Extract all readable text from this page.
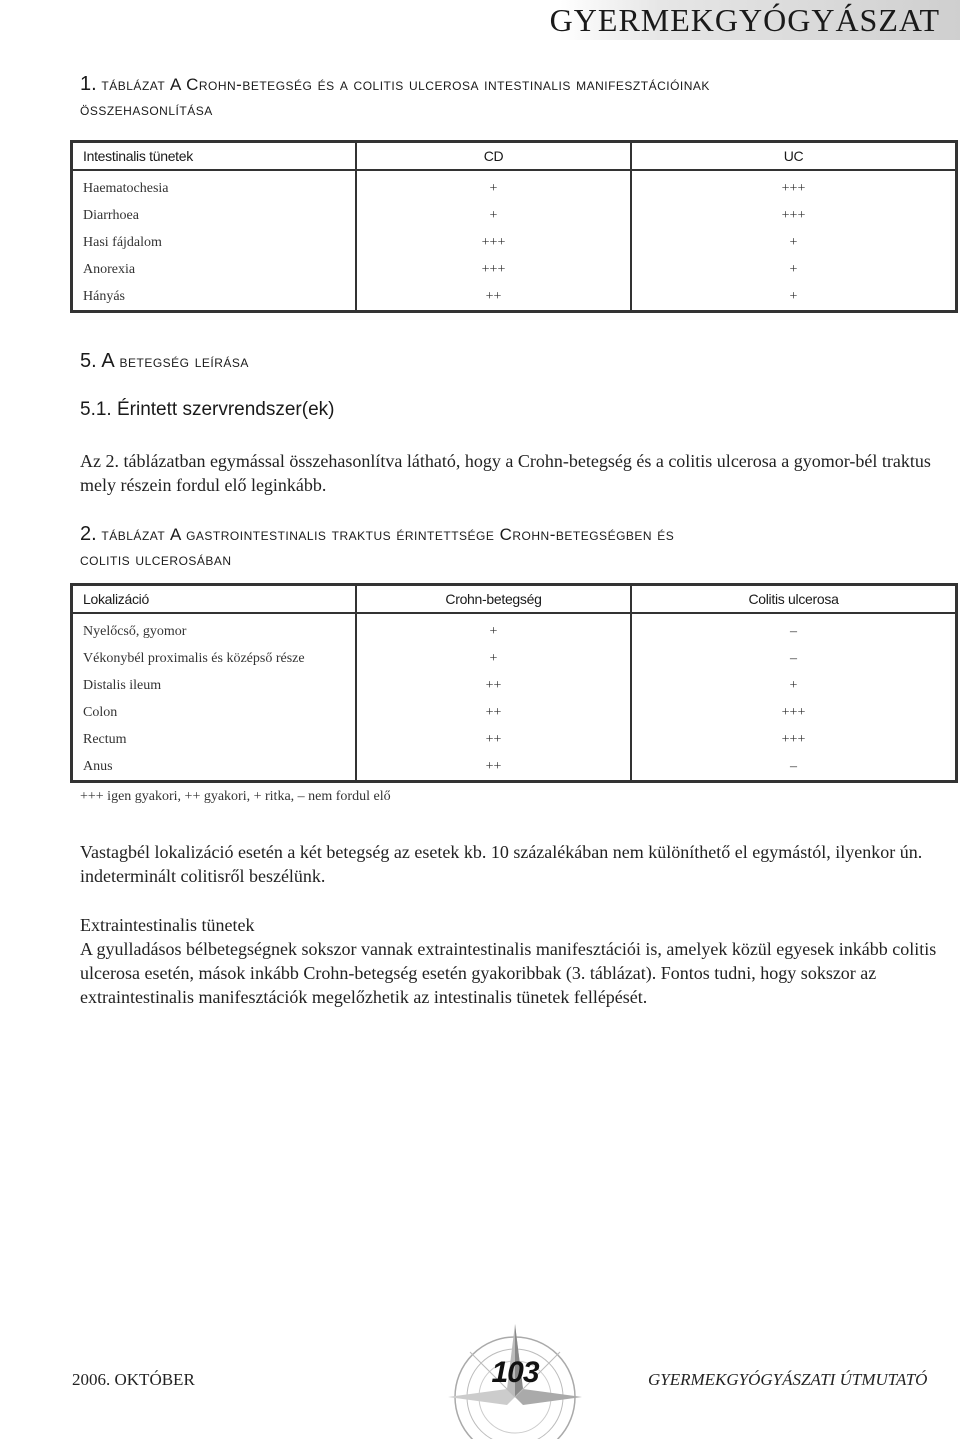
GYERMEKGYÓGYÁSZAT
1. táblázat A Crohn-betegség és a colitis ulcerosa intestinalis manifesztációinak
összehasonlítása
Intestinalis tünetek	CD	UC
Haematochesia	+	+++
Diarrhoea	+	+++
Hasi fájdalom	+++	+
Anorexia	+++	+
Hányás	++	+
5. A betegség leírása
5.1. Érintett szervrendszer(ek)
Az 2. táblázatban egymással összehasonlítva látható, hogy a Crohn-betegség és a colitis ulcerosa a gyomor-bél traktus mely részein fordul elő leginkább.
2. táblázat A gastrointestinalis traktus érintettsége Crohn-betegségben és
colitis ulcerosában
Lokalizáció	Crohn-betegség	Colitis ulcerosa
Nyelőcső, gyomor	+	–
Vékonybél proximalis és középső része	+	–
Distalis ileum	++	+
Colon	++	+++
Rectum	++	+++
Anus	++	–
+++ igen gyakori, ++ gyakori, + ritka, – nem fordul elő
Vastagbél lokalizáció esetén a két betegség az esetek kb. 10 százalékában nem különíthető el egymástól, ilyenkor ún. indeterminált colitisről beszélünk.
Extraintestinalis tünetek
A gyulladásos bélbetegségnek sokszor vannak extraintestinalis manifesztációi is, amelyek közül egyesek inkább colitis ulcerosa esetén, mások inkább Crohn-betegség esetén gyakoribbak (3. táblázat). Fontos tudni, hogy sokszor az extraintestinalis manifesztációk megelőzhetik az intestinalis tünetek fellépését.
2006. OKTÓBER	103	GYERMEKGYÓGYÁSZATI ÚTMUTATÓ
